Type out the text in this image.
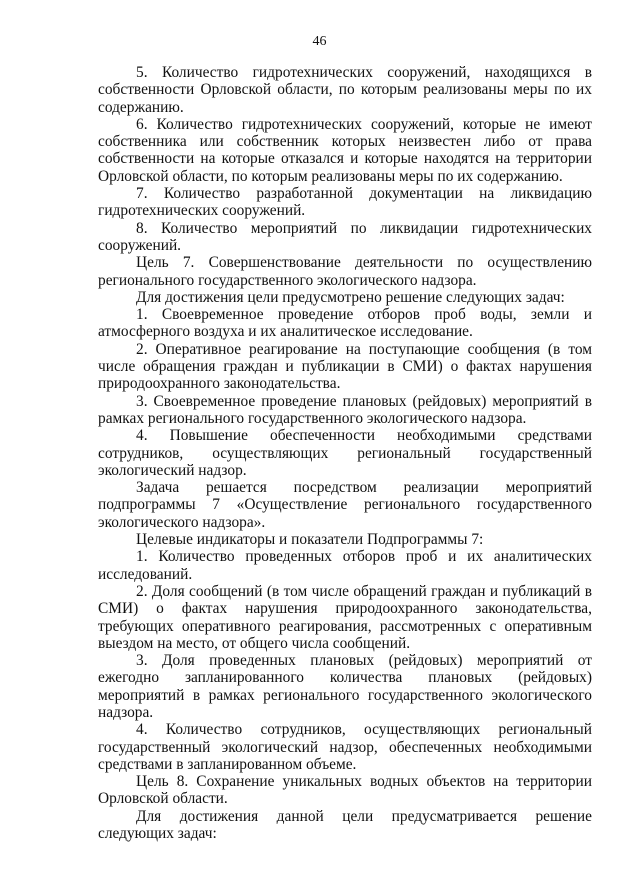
46

5. Количество гидротехнических сооружений, находящихся в собственности Орловской области, по которым реализованы меры по их содержанию.

6. Количество гидротехнических сооружений, которые не имеют собственника или собственник которых неизвестен либо от права собственности на которые отказался и которые находятся на территории Орловской области, по которым реализованы меры по их содержанию.

7. Количество разработанной документации на ликвидацию гидротехнических сооружений.

8. Количество мероприятий по ликвидации гидротехнических сооружений.

Цель 7. Совершенствование деятельности по осуществлению регионального государственного экологического надзора.

Для достижения цели предусмотрено решение следующих задач:

1. Своевременное проведение отборов проб воды, земли и атмосферного воздуха и их аналитическое исследование.

2. Оперативное реагирование на поступающие сообщения (в том числе обращения граждан и публикации в СМИ) о фактах нарушения природоохранного законодательства.

3. Своевременное проведение плановых (рейдовых) мероприятий в рамках регионального государственного экологического надзора.

4. Повышение обеспеченности необходимыми средствами сотрудников, осуществляющих региональный государственный экологический надзор.

Задача решается посредством реализации мероприятий подпрограммы 7 «Осуществление регионального государственного экологического надзора».

Целевые индикаторы и показатели Подпрограммы 7:

1. Количество проведенных отборов проб и их аналитических исследований.

2. Доля сообщений (в том числе обращений граждан и публикаций в СМИ) о фактах нарушения природоохранного законодательства, требующих оперативного реагирования, рассмотренных с оперативным выездом на место, от общего числа сообщений.

3. Доля проведенных плановых (рейдовых) мероприятий от ежегодно запланированного количества плановых (рейдовых) мероприятий в рамках регионального государственного экологического надзора.

4. Количество сотрудников, осуществляющих региональный государственный экологический надзор, обеспеченных необходимыми средствами в запланированном объеме.

Цель 8. Сохранение уникальных водных объектов на территории Орловской области.

Для достижения данной цели предусматривается решение следующих задач:
